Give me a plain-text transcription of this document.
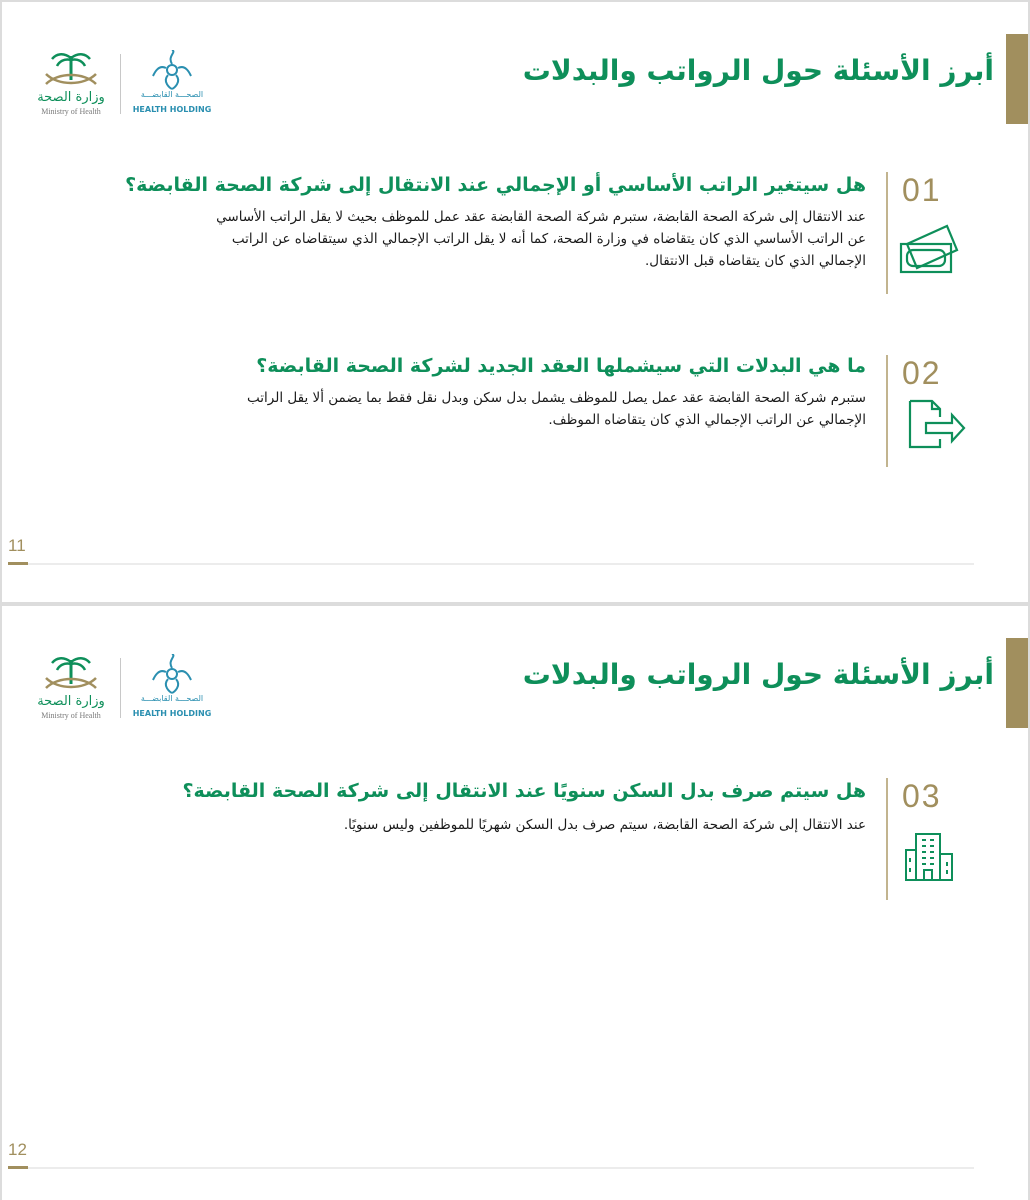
أبرز الأسئلة حول الرواتب والبدلات
وزارة الصحة
Ministry of Health
الصحـــة القابضـــة
HEALTH HOLDING
01
هل سيتغير الراتب الأساسي أو الإجمالي عند الانتقال إلى شركة الصحة القابضة؟
عند الانتقال إلى شركة الصحة القابضة، ستبرم شركة الصحة القابضة عقد عمل للموظف بحيث لا يقل الراتب الأساسي
عن الراتب الأساسي الذي كان يتقاضاه في وزارة الصحة، كما أنه لا يقل الراتب الإجمالي الذي سيتقاضاه عن الراتب
الإجمالي الذي كان يتقاضاه قبل الانتقال.
02
ما هي البدلات التي سيشملها العقد الجديد لشركة الصحة القابضة؟
ستبرم شركة الصحة القابضة عقد عمل يصل للموظف يشمل بدل سكن وبدل نقل فقط بما يضمن ألا يقل الراتب
الإجمالي عن الراتب الإجمالي الذي كان يتقاضاه الموظف.
11
أبرز الأسئلة حول الرواتب والبدلات
وزارة الصحة
Ministry of Health
الصحـــة القابضـــة
HEALTH HOLDING
03
هل سيتم صرف بدل السكن سنويًا عند الانتقال إلى شركة الصحة القابضة؟
عند الانتقال إلى شركة الصحة القابضة، سيتم صرف بدل السكن شهريًا للموظفين وليس سنويًا.
12
